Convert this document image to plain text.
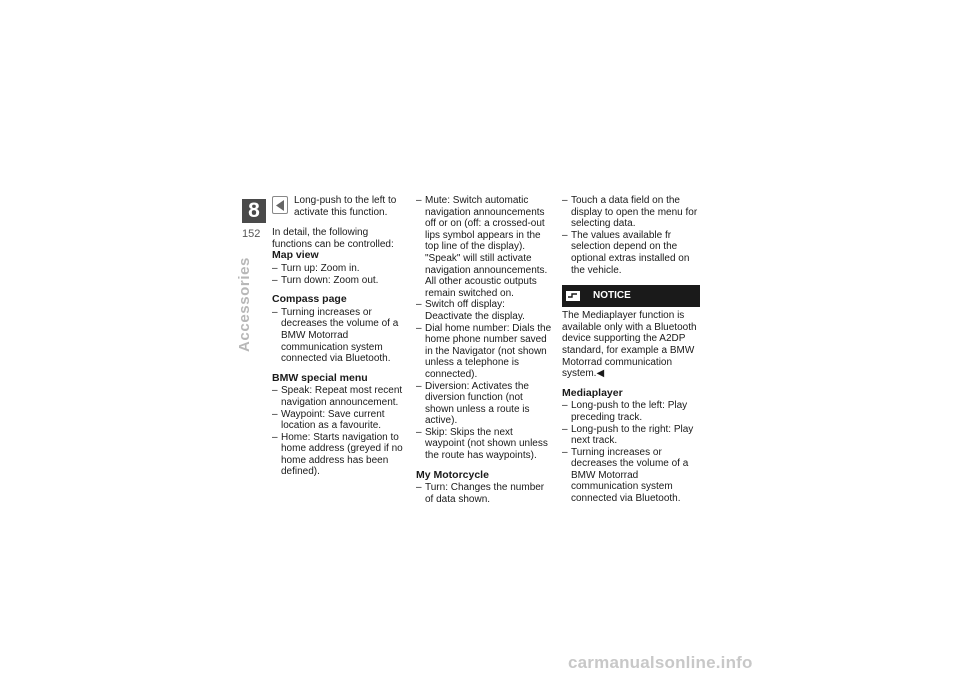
8
152
Accessories

Long-push to the left to activate this function.

In detail, the following functions can be controlled:

Map view
– Turn up: Zoom in.
– Turn down: Zoom out.
Compass page
– Turning increases or decreases the volume of a BMW Motorrad communication system connected via Bluetooth.
BMW special menu
– Speak: Repeat most recent navigation announcement.
– Waypoint: Save current location as a favourite.
– Home: Starts navigation to home address (greyed if no home address has been defined).
– Mute: Switch automatic navigation announcements off or on (off: a crossed-out lips symbol appears in the top line of the display). "Speak" will still activate navigation announcements. All other acoustic outputs remain switched on.
– Switch off display: Deactivate the display.
– Dial home number: Dials the home phone number saved in the Navigator (not shown unless a telephone is connected).
– Diversion: Activates the diversion function (not shown unless a route is active).
– Skip: Skips the next waypoint (not shown unless the route has waypoints).
My Motorcycle
– Turn: Changes the number of data shown.
– Touch a data field on the display to open the menu for selecting data.
– The values available fr selection depend on the optional extras installed on the vehicle.
NOTICE

The Mediaplayer function is available only with a Bluetooth device supporting the A2DP standard, for example a BMW Motorrad communication system.◀

Mediaplayer
– Long-push to the left: Play preceding track.
– Long-push to the right: Play next track.
– Turning increases or decreases the volume of a BMW Motorrad communication system connected via Bluetooth.
carmanualsonline.info
